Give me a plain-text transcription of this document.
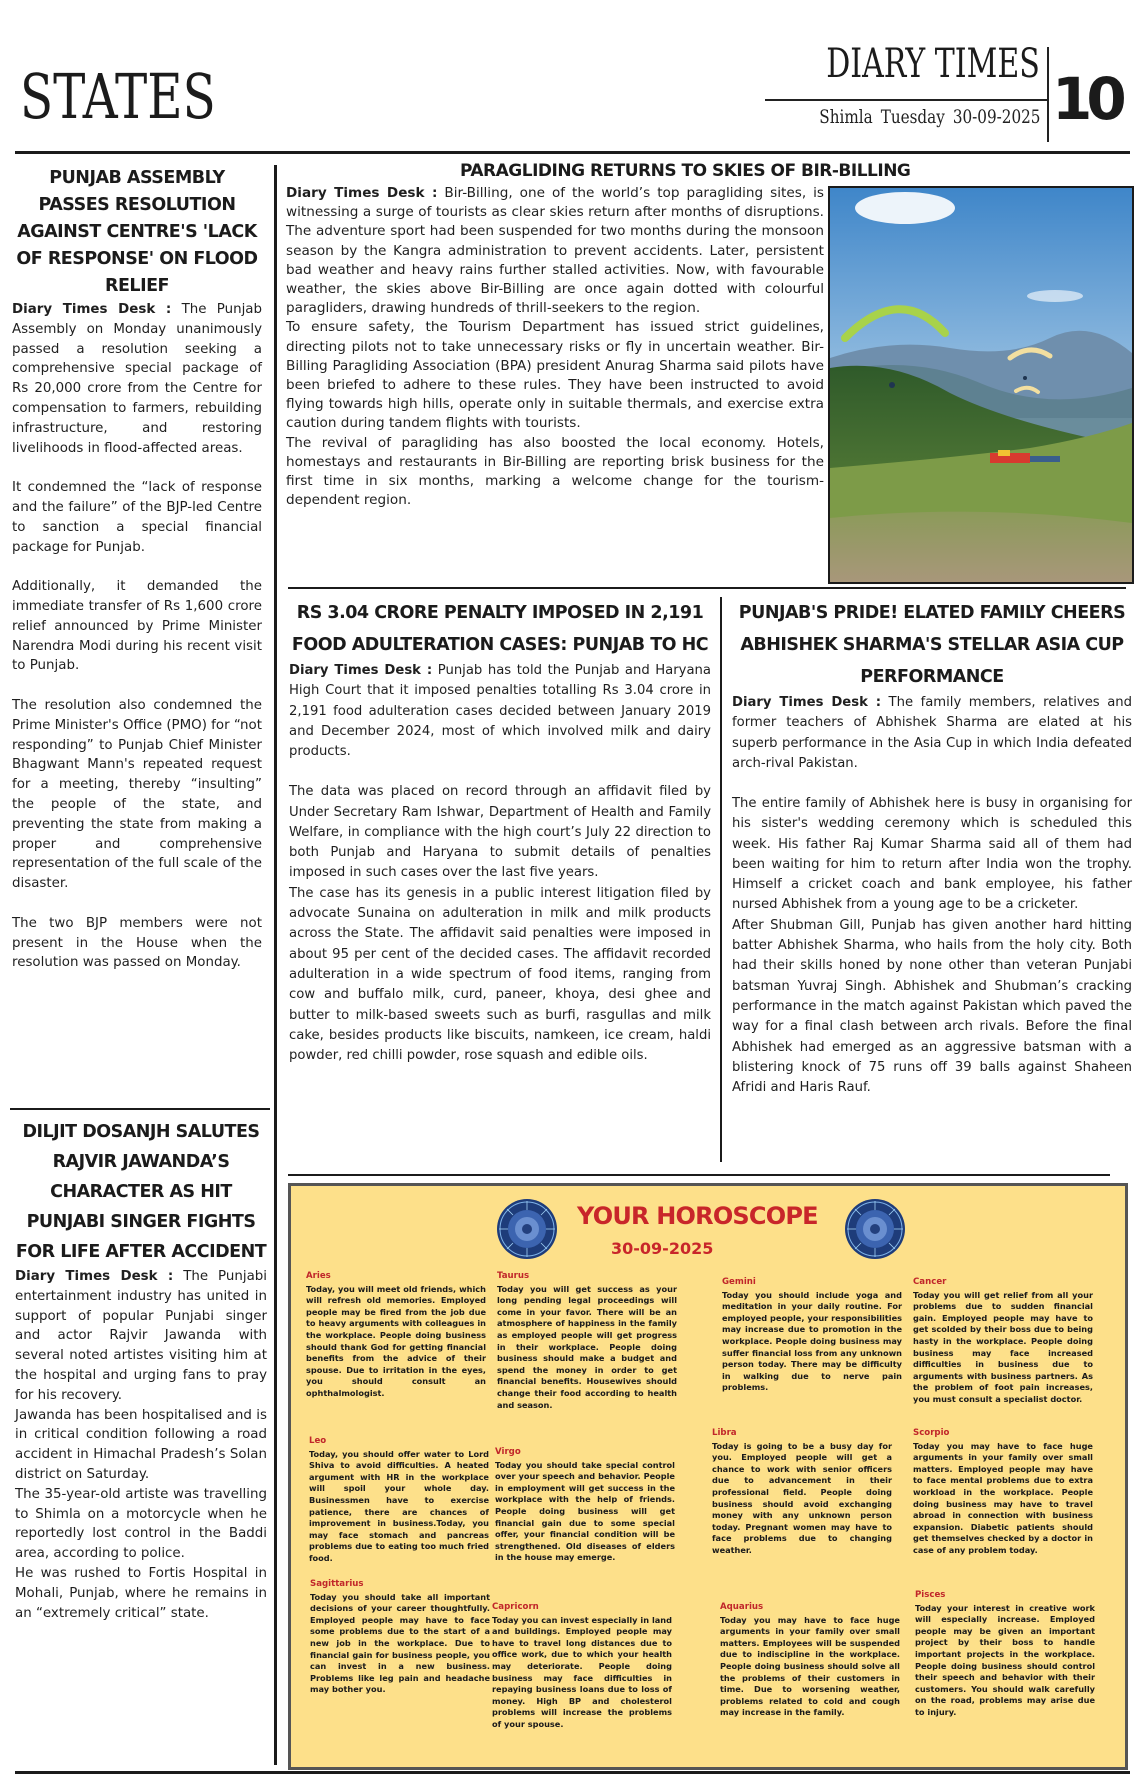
STATES	DIARY TIMES
Shimla Tuesday 30-09-2025 10
PUNJAB ASSEMBLY PASSES RESOLUTION AGAINST CENTRE'S 'LACK OF RESPONSE' ON FLOOD RELIEF

Diary Times Desk : The Punjab Assembly on Monday unanimously passed a resolution seeking a comprehensive special package of Rs 20,000 crore from the Centre for compensation to farmers, rebuilding infrastructure, and restoring livelihoods in flood-affected areas.

It condemned the “lack of response and the failure” of the BJP-led Centre to sanction a special financial package for Punjab.

Additionally, it demanded the immediate transfer of Rs 1,600 crore relief announced by Prime Minister Narendra Modi during his recent visit to Punjab.

The resolution also condemned the Prime Minister's Office (PMO) for “not responding” to Punjab Chief Minister Bhagwant Mann's repeated request for a meeting, thereby “insulting” the people of the state, and preventing the state from making a proper and comprehensive representation of the full scale of the disaster.

The two BJP members were not present in the House when the resolution was passed on Monday.

DILJIT DOSANJH SALUTES RAJVIR JAWANDA’S CHARACTER AS HIT PUNJABI SINGER FIGHTS FOR LIFE AFTER ACCIDENT

Diary Times Desk : The Punjabi entertainment industry has united in support of popular Punjabi singer and actor Rajvir Jawanda with several noted artistes visiting him at the hospital and urging fans to pray for his recovery.

Jawanda has been hospitalised and is in critical condition following a road accident in Himachal Pradesh’s Solan district on Saturday.

The 35-year-old artiste was travelling to Shimla on a motorcycle when he reportedly lost control in the Baddi area, according to police.

He was rushed to Fortis Hospital in Mohali, Punjab, where he remains in an “extremely critical” state.

PARAGLIDING RETURNS TO SKIES OF BIR-BILLING

Diary Times Desk : Bir-Billing, one of the world’s top paragliding sites, is witnessing a surge of tourists as clear skies return after months of disruptions. The adventure sport had been suspended for two months during the monsoon season by the Kangra administration to prevent accidents. Later, persistent bad weather and heavy rains further stalled activities. Now, with favourable weather, the skies above Bir-Billing are once again dotted with colourful paragliders, drawing hundreds of thrill-seekers to the region.

To ensure safety, the Tourism Department has issued strict guidelines, directing pilots not to take unnecessary risks or fly in uncertain weather. Bir-Billing Paragliding Association (BPA) president Anurag Sharma said pilots have been briefed to adhere to these rules. They have been instructed to avoid flying towards high hills, operate only in suitable thermals, and exercise extra caution during tandem flights with tourists.

The revival of paragliding has also boosted the local economy. Hotels, homestays and restaurants in Bir-Billing are reporting brisk business for the first time in six months, marking a welcome change for the tourism-dependent region.

RS 3.04 CRORE PENALTY IMPOSED IN 2,191 FOOD ADULTERATION CASES: PUNJAB TO HC

Diary Times Desk : Punjab has told the Punjab and Haryana High Court that it imposed penalties totalling Rs 3.04 crore in 2,191 food adulteration cases decided between January 2019 and December 2024, most of which involved milk and dairy products.

The data was placed on record through an affidavit filed by Under Secretary Ram Ishwar, Department of Health and Family Welfare, in compliance with the high court’s July 22 direction to both Punjab and Haryana to submit details of penalties imposed in such cases over the last five years.

The case has its genesis in a public interest litigation filed by advocate Sunaina on adulteration in milk and milk products across the State. The affidavit said penalties were imposed in about 95 per cent of the decided cases. The affidavit recorded adulteration in a wide spectrum of food items, ranging from cow and buffalo milk, curd, paneer, khoya, desi ghee and butter to milk-based sweets such as burfi, rasgullas and milk cake, besides products like biscuits, namkeen, ice cream, haldi powder, red chilli powder, rose squash and edible oils.

PUNJAB'S PRIDE! ELATED FAMILY CHEERS ABHISHEK SHARMA'S STELLAR ASIA CUP PERFORMANCE

Diary Times Desk : The family members, relatives and former teachers of Abhishek Sharma are elated at his superb performance in the Asia Cup in which India defeated arch-rival Pakistan.

The entire family of Abhishek here is busy in organising for his sister's wedding ceremony which is scheduled this week. His father Raj Kumar Sharma said all of them had been waiting for him to return after India won the trophy. Himself a cricket coach and bank employee, his father nursed Abhishek from a young age to be a cricketer.

After Shubman Gill, Punjab has given another hard hitting batter Abhishek Sharma, who hails from the holy city. Both had their skills honed by none other than veteran Punjabi batsman Yuvraj Singh. Abhishek and Shubman’s cracking performance in the match against Pakistan which paved the way for a final clash between arch rivals. Before the final Abhishek had emerged as an aggressive batsman with a blistering knock of 75 runs off 39 balls against Shaheen Afridi and Haris Rauf.

YOUR HOROSCOPE
30-09-2025
Aries
Today, you will meet old friends, which will refresh old memories. Employed people may be fired from the job due to heavy arguments with colleagues in the workplace. People doing business should thank God for getting financial benefits from the advice of their spouse. Due to irritation in the eyes, you should consult an ophthalmologist.
Taurus
Today you will get success as your long pending legal proceedings will come in your favor. There will be an atmosphere of happiness in the family as employed people will get progress in their workplace. People doing business should make a budget and spend the money in order to get financial benefits. Housewives should change their food according to health and season.
Gemini
Today you should include yoga and meditation in your daily routine. For employed people, your responsibilities may increase due to promotion in the workplace. People doing business may suffer financial loss from any unknown person today. There may be difficulty in walking due to nerve pain problems.
Cancer
Today you will get relief from all your problems due to sudden financial gain. Employed people may have to get scolded by their boss due to being hasty in the workplace. People doing business may face increased difficulties in business due to arguments with business partners. As the problem of foot pain increases, you must consult a specialist doctor.
Leo
Today, you should offer water to Lord Shiva to avoid difficulties. A heated argument with HR in the workplace will spoil your whole day. Businessmen have to exercise patience, there are chances of improvement in business.Today, you may face stomach and pancreas problems due to eating too much fried food.
Virgo
Today you should take special control over your speech and behavior. People in employment will get success in the workplace with the help of friends. People doing business will get financial gain due to some special offer, your financial condition will be strengthened. Old diseases of elders in the house may emerge.
Libra
Today is going to be a busy day for you. Employed people will get a chance to work with senior officers due to advancement in their professional field. People doing business should avoid exchanging money with any unknown person today. Pregnant women may have to face problems due to changing weather.
Scorpio
Today you may have to face huge arguments in your family over small matters. Employed people may have to face mental problems due to extra workload in the workplace. People doing business may have to travel abroad in connection with business expansion. Diabetic patients should get themselves checked by a doctor in case of any problem today.
Sagittarius
Today you should take all important decisions of your career thoughtfully. Employed people may have to face some problems due to the start of a new job in the workplace. Due to financial gain for business people, you can invest in a new business. Problems like leg pain and headache may bother you.
Capricorn
Today you can invest especially in land and buildings. Employed people may have to travel long distances due to office work, due to which your health may deteriorate. People doing business may face difficulties in repaying business loans due to loss of money. High BP and cholesterol problems will increase the problems of your spouse.
Aquarius
Today you may have to face huge arguments in your family over small matters. Employees will be suspended due to indiscipline in the workplace. People doing business should solve all the problems of their customers in time. Due to worsening weather, problems related to cold and cough may increase in the family.
Pisces
Today your interest in creative work will especially increase. Employed people may be given an important project by their boss to handle important projects in the workplace. People doing business should control their speech and behavior with their customers. You should walk carefully on the road, problems may arise due to injury.
